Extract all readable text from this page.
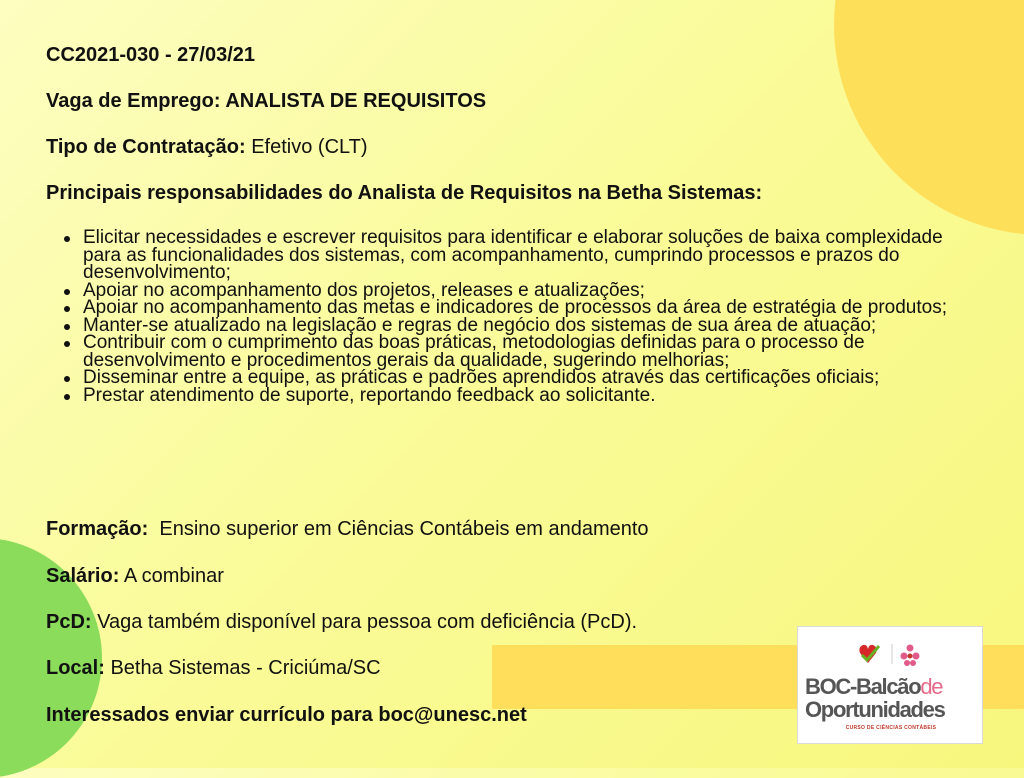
CC2021-030 - 27/03/21
Vaga de Emprego: ANALISTA DE REQUISITOS
Tipo de Contratação: Efetivo (CLT)
Principais responsabilidades do Analista de Requisitos na Betha Sistemas:
Elicitar necessidades e escrever requisitos para identificar e elaborar soluções de baixa complexidade para as funcionalidades dos sistemas, com acompanhamento, cumprindo processos e prazos do desenvolvimento;
Apoiar no acompanhamento dos projetos, releases e atualizações;
Apoiar no acompanhamento das metas e indicadores de processos da área de estratégia de produtos;
Manter-se atualizado na legislação e regras de negócio dos sistemas de sua área de atuação;
Contribuir com o cumprimento das boas práticas, metodologias definidas para o processo de desenvolvimento e procedimentos gerais da qualidade, sugerindo melhorias;
Disseminar entre a equipe, as práticas e padrões aprendidos através das certificações oficiais;
Prestar atendimento de suporte, reportando feedback ao solicitante.
Formação: Ensino superior em Ciências Contábeis em andamento
Salário: A combinar
PcD: Vaga também disponível para pessoa com deficiência (PcD).
Local: Betha Sistemas - Criciúma/SC
Interessados enviar currículo para boc@unesc.net
BOC-Balcãode
Oportunidades
CURSO DE CIÊNCIAS CONTÁBEIS
